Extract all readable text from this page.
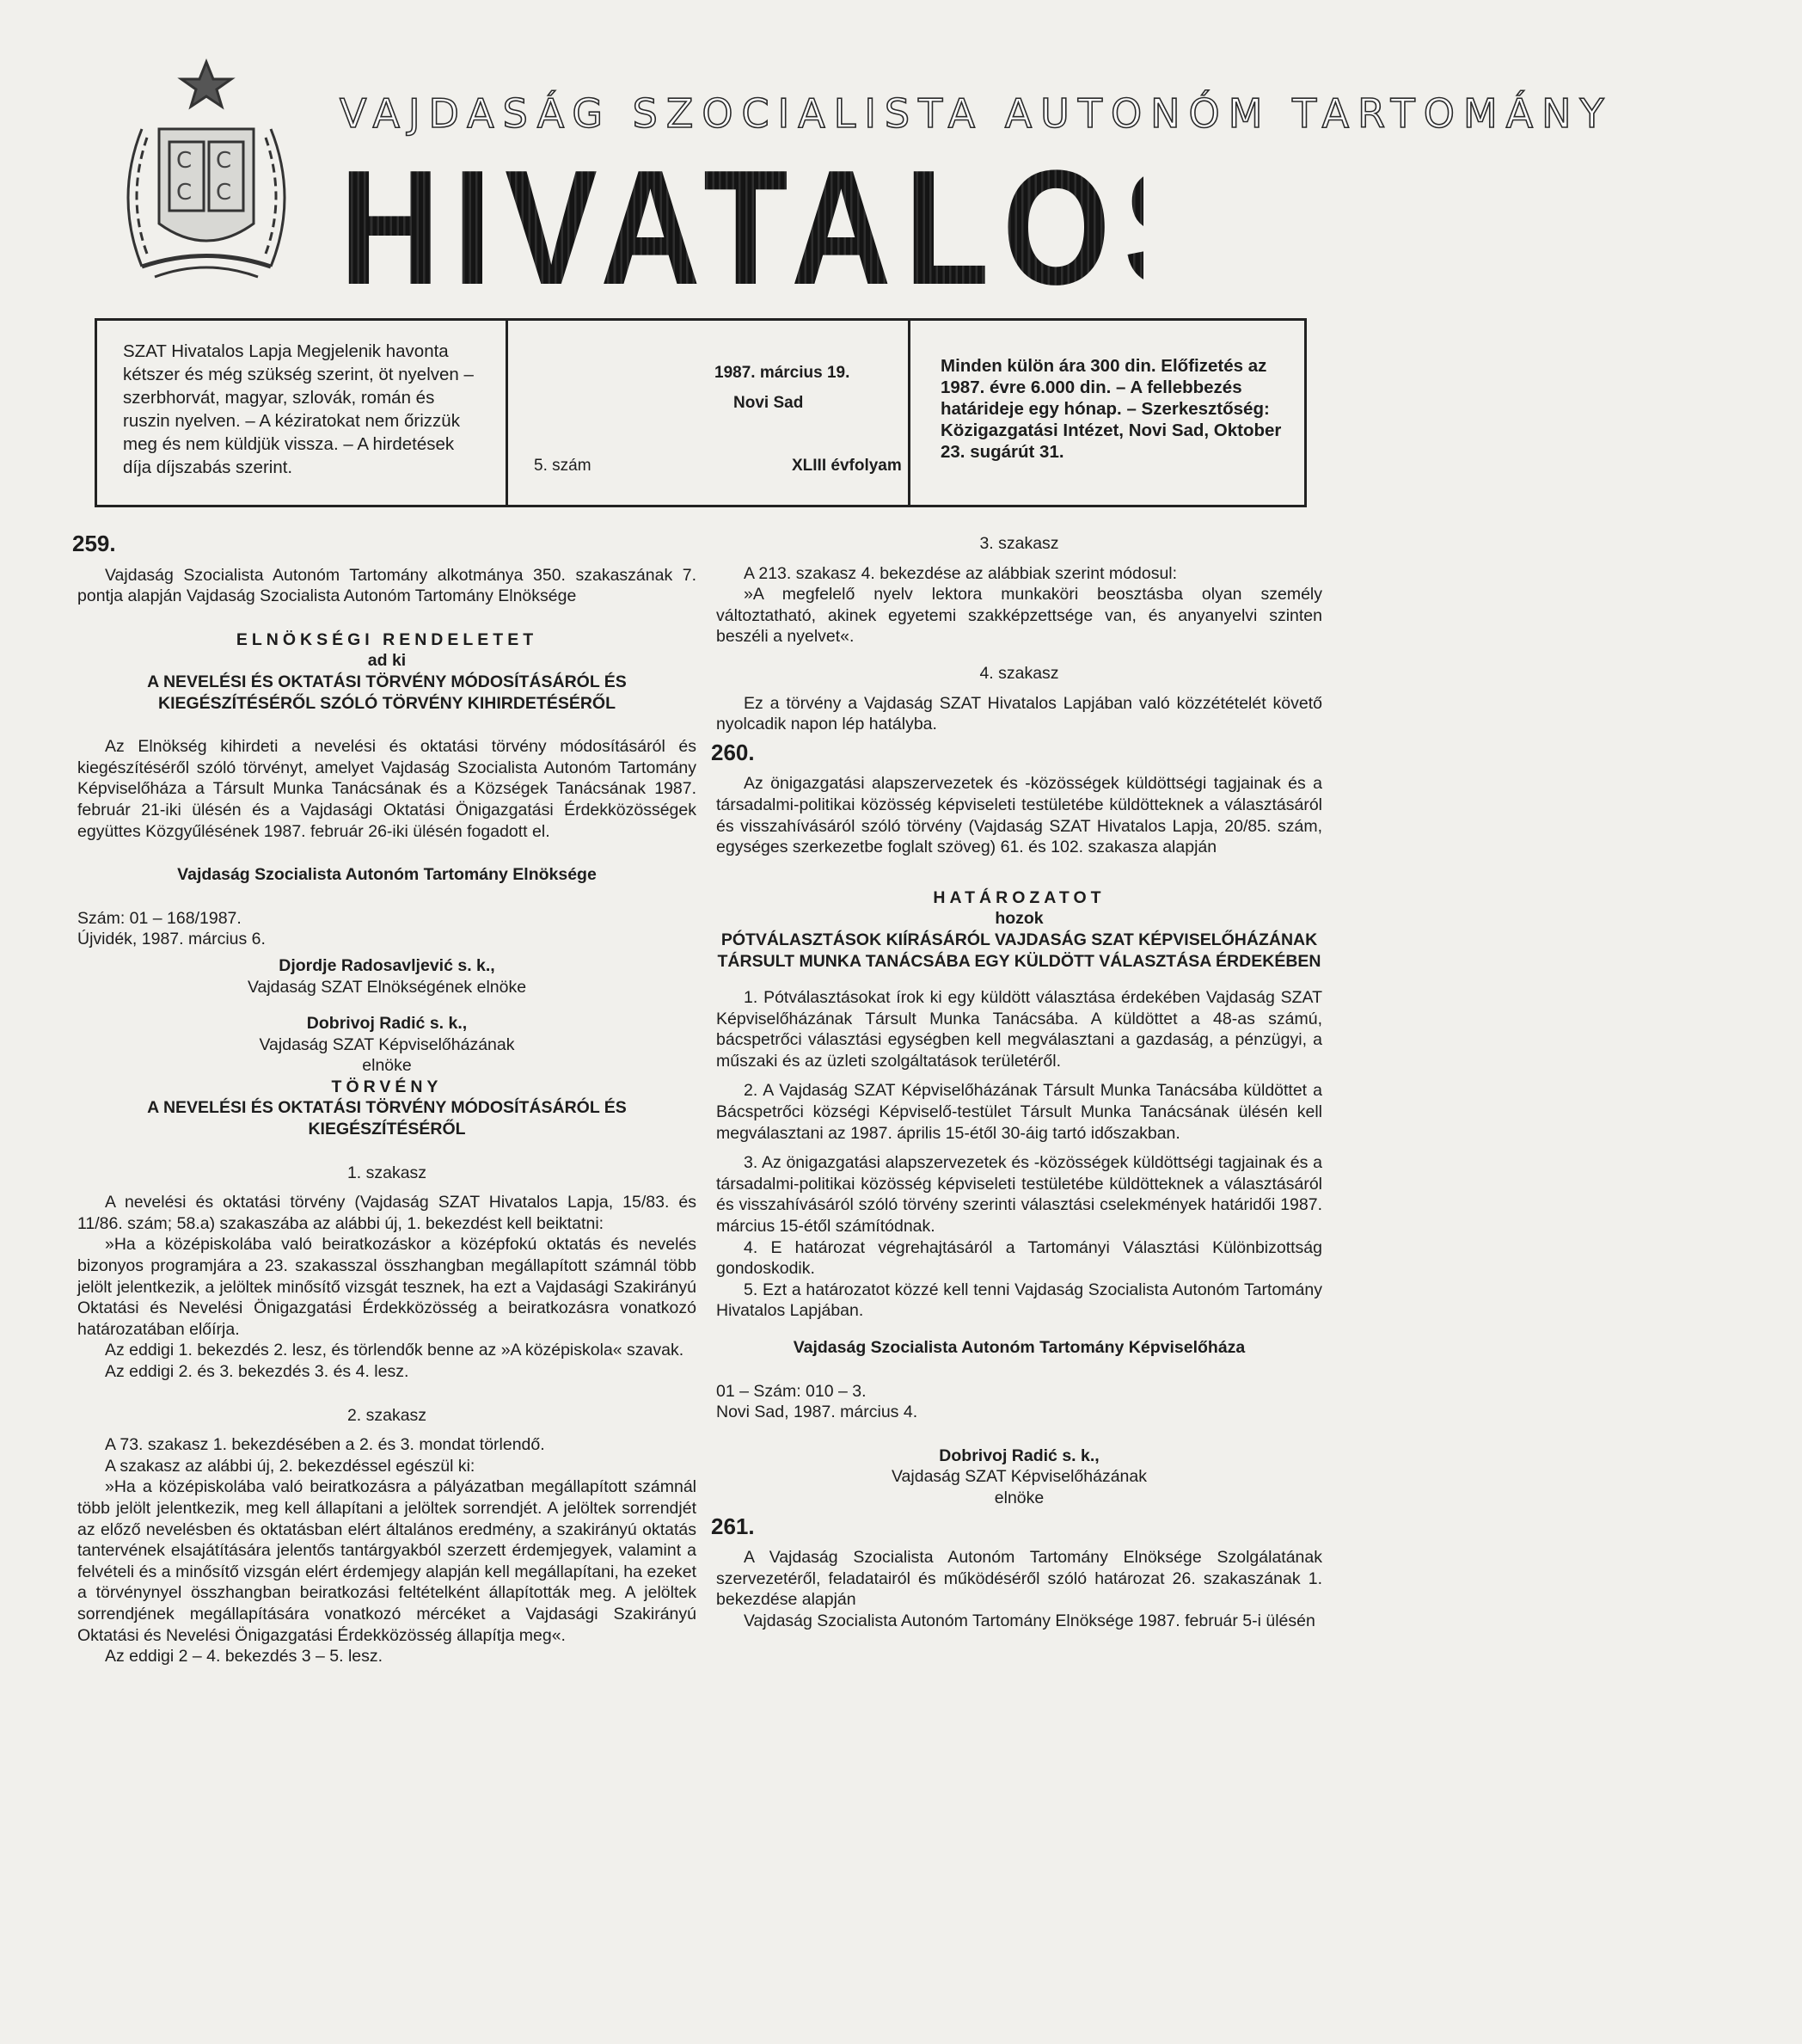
C C
C C
VAJDASÁG SZOCIALISTA AUTONÓM TARTOMÁNY
HIVATALOS LAPJA
SZAT Hivatalos Lapja Megjelenik havonta kétszer és még szükség szerint, öt nyelven – szerbhorvát, magyar, szlovák, román és ruszin nyelven. – A kéziratokat nem őrizzük meg és nem küldjük vissza. – A hirdetések díja díjszabás szerint.
1987. március 19.
Novi Sad
5. szám	XLIII évfolyam
Minden külön ára 300 din. Előfizetés az 1987. évre 6.000 din. – A fellebbezés határideje egy hónap. – Szerkesztőség: Közigazgatási Intézet, Novi Sad, Oktober 23. sugárút 31.

259.

Vajdaság Szocialista Autonóm Tartomány alkotmánya 350. szakaszának 7. pontja alapján Vajdaság Szocialista Autonóm Tartomány Elnöksége

ELNÖKSÉGI RENDELETET

ad ki

A NEVELÉSI ÉS OKTATÁSI TÖRVÉNY MÓDOSÍTÁSÁRÓL ÉS KIEGÉSZÍTÉSÉRŐL SZÓLÓ TÖRVÉNY KIHIRDETÉSÉRŐL

Az Elnökség kihirdeti a nevelési és oktatási törvény módosításáról és kiegészítéséről szóló törvényt, amelyet Vajdaság Szocialista Autonóm Tartomány Képviselőháza a Társult Munka Tanácsának és a Községek Tanácsának 1987. február 21-iki ülésén és a Vajdasági Oktatási Önigazgatási Érdekközösségek együttes Közgyűlésének 1987. február 26-iki ülésén fogadott el.

Vajdaság Szocialista Autonóm Tartomány Elnöksége

Szám: 01 – 168/1987.

Újvidék, 1987. március 6.

Djordje Radosavljević s. k.,

Vajdaság SZAT Elnökségének elnöke

Dobrivoj Radić s. k.,

Vajdaság SZAT Képviselőházának

elnöke

TÖRVÉNY

A NEVELÉSI ÉS OKTATÁSI TÖRVÉNY MÓDOSÍTÁSÁRÓL ÉS KIEGÉSZÍTÉSÉRŐL

1. szakasz

A nevelési és oktatási törvény (Vajdaság SZAT Hivatalos Lapja, 15/83. és 11/86. szám; 58.a) szakaszába az alábbi új, 1. bekezdést kell beiktatni:

»Ha a középiskolába való beiratkozáskor a középfokú oktatás és nevelés bizonyos programjára a 23. szakasszal összhangban megállapított számnál több jelölt jelentkezik, a jelöltek minősítő vizsgát tesznek, ha ezt a Vajdasági Szakirányú Oktatási és Nevelési Önigazgatási Érdekközösség a beiratkozásra vonatkozó határozatában előírja.

Az eddigi 1. bekezdés 2. lesz, és törlendők benne az »A középiskola« szavak.

Az eddigi 2. és 3. bekezdés 3. és 4. lesz.

2. szakasz

A 73. szakasz 1. bekezdésében a 2. és 3. mondat törlendő.

A szakasz az alábbi új, 2. bekezdéssel egészül ki:

»Ha a középiskolába való beiratkozásra a pályázatban megállapított számnál több jelölt jelentkezik, meg kell állapítani a jelöltek sorrendjét. A jelöltek sorrendjét az előző nevelésben és oktatásban elért általános eredmény, a szakirányú oktatás tantervének elsajátítására jelentős tantárgyakból szerzett érdemjegyek, valamint a felvételi és a minősítő vizsgán elért érdemjegy alapján kell megállapítani, ha ezeket a törvénynyel összhangban beiratkozási feltételként állapították meg. A jelöltek sorrendjének megállapítására vonatkozó mércéket a Vajdasági Szakirányú Oktatási és Nevelési Önigazgatási Érdekközösség állapítja meg«.

Az eddigi 2 – 4. bekezdés 3 – 5. lesz.

3. szakasz

A 213. szakasz 4. bekezdése az alábbiak szerint módosul:

»A megfelelő nyelv lektora munkaköri beosztásba olyan személy változtatható, akinek egyetemi szakképzettsége van, és anyanyelvi szinten beszéli a nyelvet«.

4. szakasz

Ez a törvény a Vajdaság SZAT Hivatalos Lapjában való közzétételét követő nyolcadik napon lép hatályba.

260.

Az önigazgatási alapszervezetek és -közösségek küldöttségi tagjainak és a társadalmi-politikai közösség képviseleti testületébe küldötteknek a választásáról és visszahívásáról szóló törvény (Vajdaság SZAT Hivatalos Lapja, 20/85. szám, egységes szerkezetbe foglalt szöveg) 61. és 102. szakasza alapján

HATÁROZATOT

hozok

PÓTVÁLASZTÁSOK KIÍRÁSÁRÓL VAJDASÁG SZAT KÉPVISELŐHÁZÁNAK TÁRSULT MUNKA TANÁCSÁBA EGY KÜLDÖTT VÁLASZTÁSA ÉRDEKÉBEN

1. Pótválasztásokat írok ki egy küldött választása érdekében Vajdaság SZAT Képviselőházának Társult Munka Tanácsába. A küldöttet a 48-as számú, bácspetrőci választási egységben kell megválasztani a gazdaság, a pénzügyi, a műszaki és az üzleti szolgáltatások területéről.

2. A Vajdaság SZAT Képviselőházának Társult Munka Tanácsába küldöttet a Bácspetrőci községi Képviselő-testület Társult Munka Tanácsának ülésén kell megválasztani az 1987. április 15-étől 30-áig tartó időszakban.

3. Az önigazgatási alapszervezetek és -közösségek küldöttségi tagjainak és a társadalmi-politikai közösség képviseleti testületébe küldötteknek a választásáról és visszahívásáról szóló törvény szerinti választási cselekmények határidői 1987. március 15-étől számítódnak.

4. E határozat végrehajtásáról a Tartományi Választási Különbizottság gondoskodik.

5. Ezt a határozatot közzé kell tenni Vajdaság Szocialista Autonóm Tartomány Hivatalos Lapjában.

Vajdaság Szocialista Autonóm Tartomány Képviselőháza

01 – Szám: 010 – 3.

Novi Sad, 1987. március 4.

Dobrivoj Radić s. k.,

Vajdaság SZAT Képviselőházának

elnöke

261.

A Vajdaság Szocialista Autonóm Tartomány Elnöksége Szolgálatának szervezetéről, feladatairól és működéséről szóló határozat 26. szakaszának 1. bekezdése alapján

Vajdaság Szocialista Autonóm Tartomány Elnöksége 1987. február 5-i ülésén
